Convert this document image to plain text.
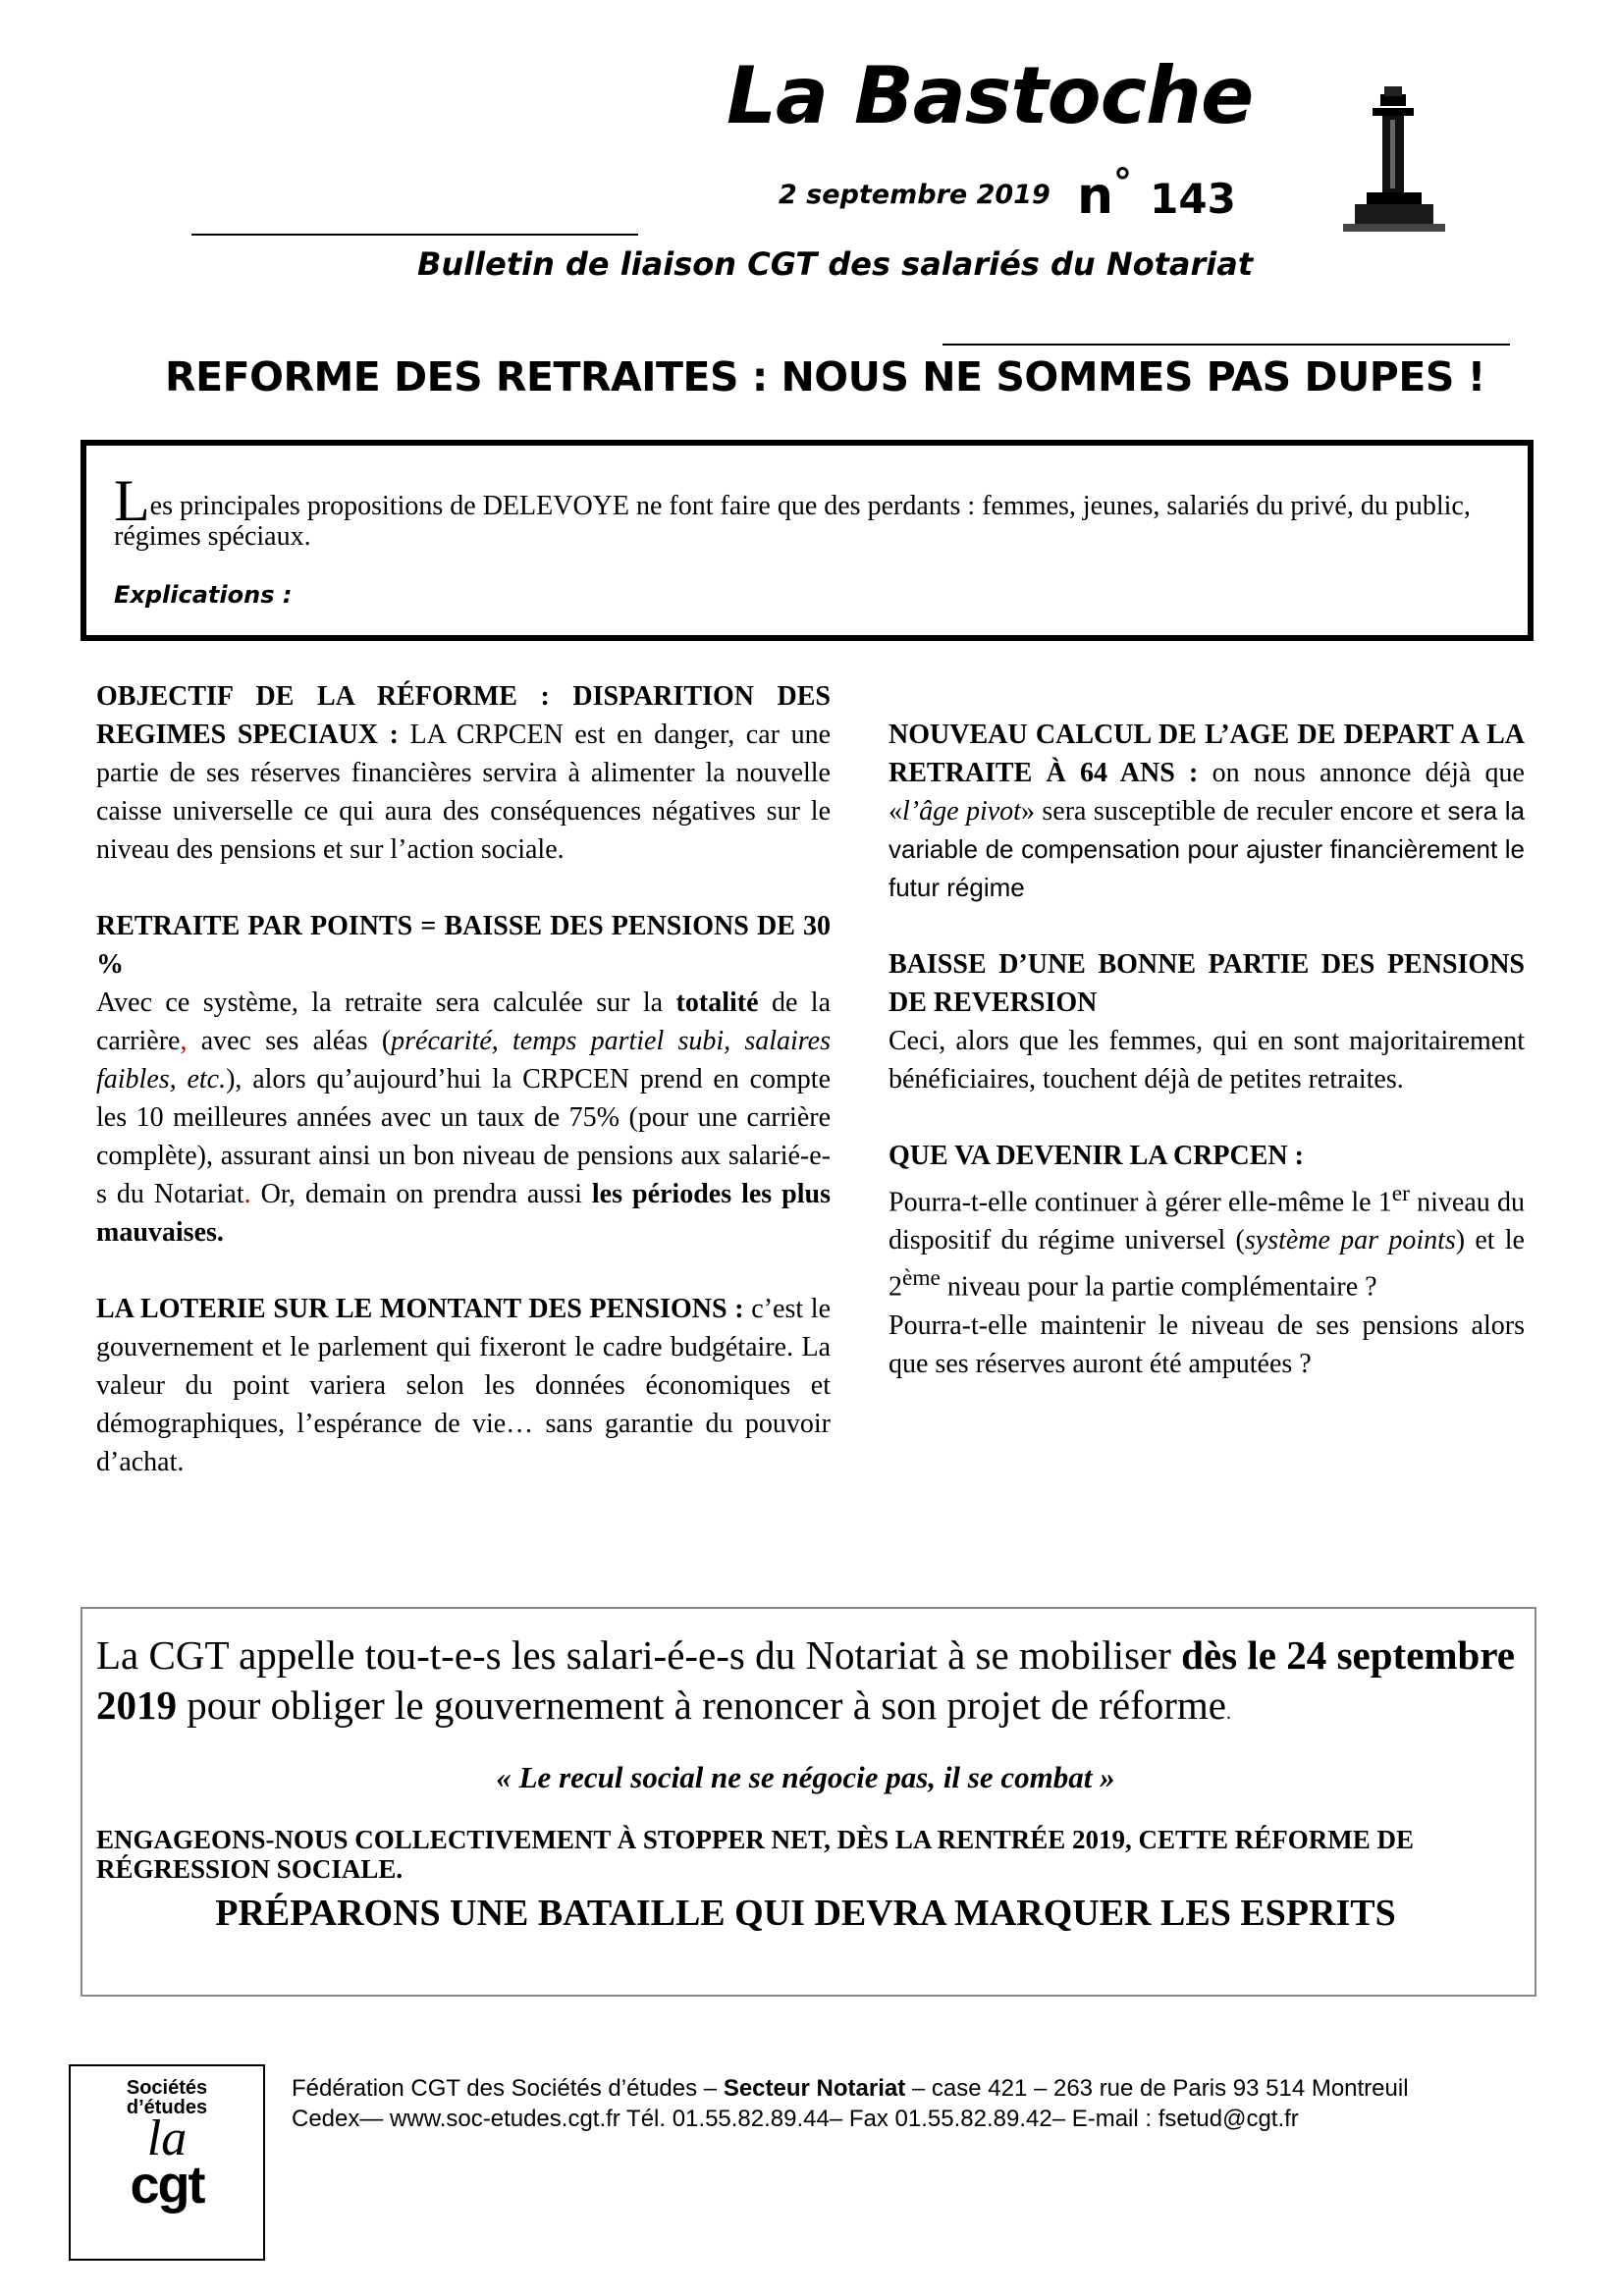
La Bastoche
2 septembre 2019 n° 143
Bulletin de liaison CGT des salariés du Notariat
REFORME DES RETRAITES : NOUS NE SOMMES PAS DUPES !
Les principales propositions de DELEVOYE ne font faire que des perdants : femmes, jeunes, salariés du privé, du public, régimes spéciaux.
Explications :

OBJECTIF DE LA RÉFORME : DISPARITION DES REGIMES SPECIAUX : LA CRPCEN est en danger, car une partie de ses réserves financières servira à alimenter la nouvelle caisse universelle ce qui aura des conséquences négatives sur le niveau des pensions et sur l’action sociale.

RETRAITE PAR POINTS = BAISSE DES PENSIONS DE 30 %
Avec ce système, la retraite sera calculée sur la totalité de la carrière, avec ses aléas (précarité, temps partiel subi, salaires faibles, etc.), alors qu’aujourd’hui la CRPCEN prend en compte les 10 meilleures années avec un taux de 75% (pour une carrière complète), assurant ainsi un bon niveau de pensions aux salarié-e-s du Notariat. Or, demain on prendra aussi les périodes les plus mauvaises.

LA LOTERIE SUR LE MONTANT DES PENSIONS : c’est le gouvernement et le parlement qui fixeront le cadre budgétaire. La valeur du point variera selon les données économiques et démographiques, l’espérance de vie… sans garantie du pouvoir d’achat.

NOUVEAU CALCUL DE L’AGE DE DEPART A LA RETRAITE À 64 ANS : on nous annonce déjà que «l’âge pivot» sera susceptible de reculer encore et sera la variable de compensation pour ajuster financièrement le futur régime

BAISSE D’UNE BONNE PARTIE DES PENSIONS DE REVERSION
Ceci, alors que les femmes, qui en sont majoritairement bénéficiaires, touchent déjà de petites retraites.

QUE VA DEVENIR LA CRPCEN :
Pourra-t-elle continuer à gérer elle-même le 1er niveau du dispositif du régime universel (système par points) et le 2ème niveau pour la partie complémentaire ?
Pourra-t-elle maintenir le niveau de ses pensions alors que ses réserves auront été amputées ?

La CGT appelle tou-t-e-s les salari-é-e-s du Notariat à se mobiliser dès le 24 septembre 2019 pour obliger le gouvernement à renoncer à son projet de réforme.
« Le recul social ne se négocie pas, il se combat »
ENGAGEONS-NOUS COLLECTIVEMENT À STOPPER NET, DÈS LA RENTRÉE 2019, CETTE RÉFORME DE RÉGRESSION SOCIALE.
PRÉPARONS UNE BATAILLE QUI DEVRA MARQUER LES ESPRITS
Sociétés
d’études
la
cgt
Fédération CGT des Sociétés d’études – Secteur Notariat – case 421 – 263 rue de Paris 93 514 Montreuil Cedex— www.soc-etudes.cgt.fr Tél. 01.55.82.89.44– Fax 01.55.82.89.42– E-mail : fsetud@cgt.fr
